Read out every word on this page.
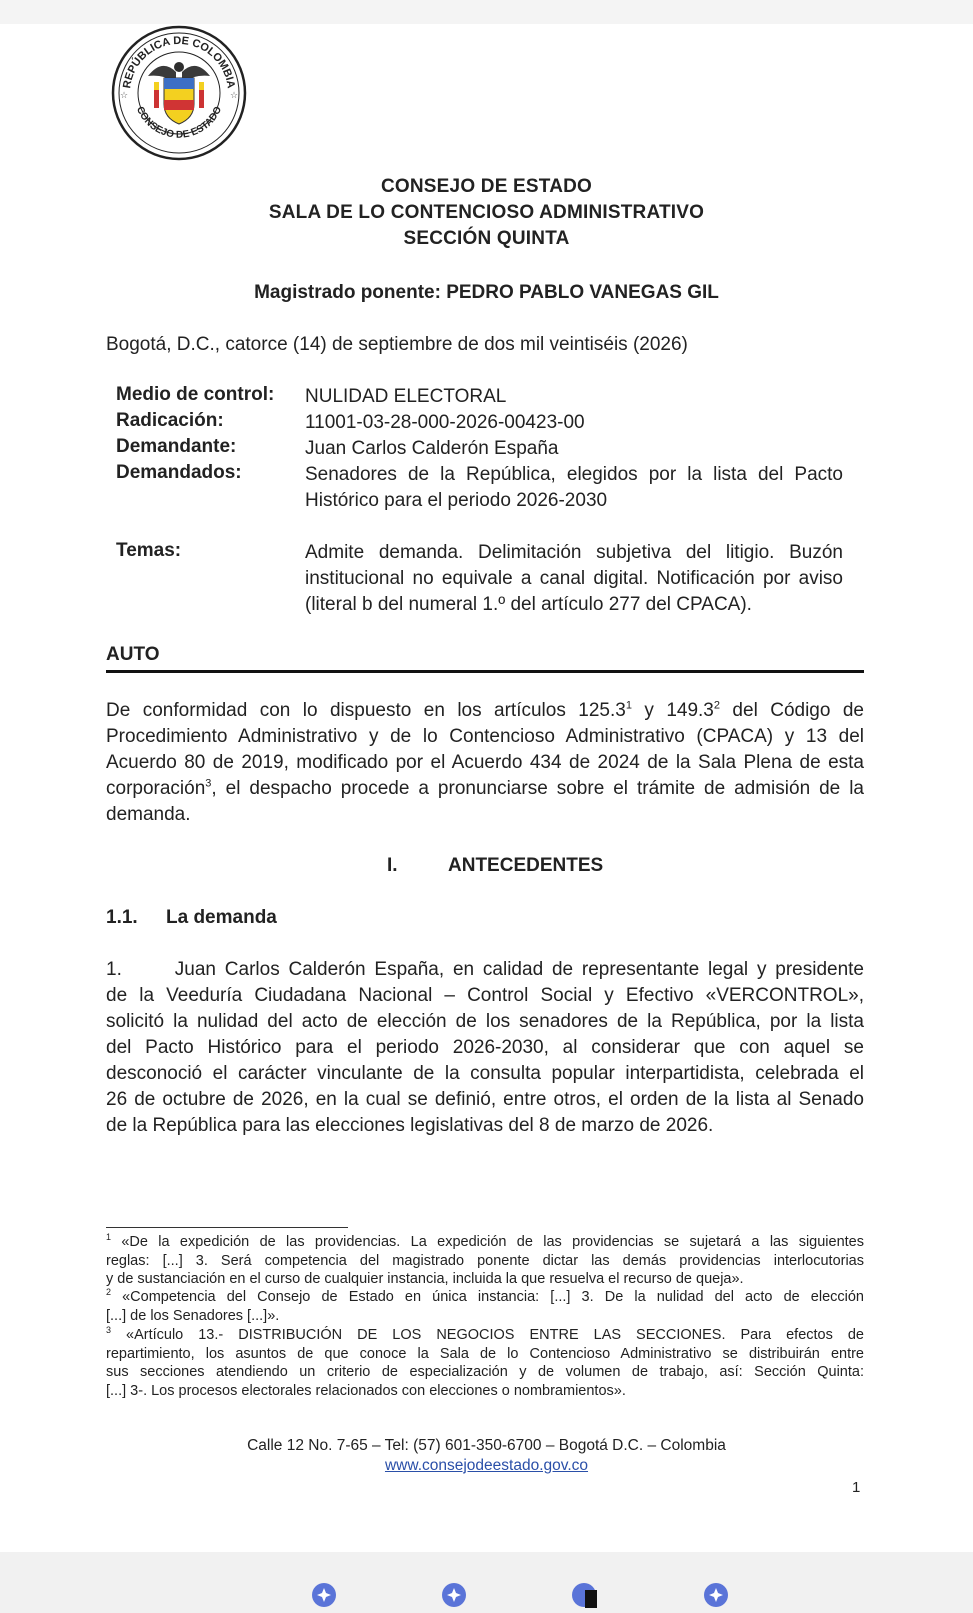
REPÚBLICA DE COLOMBIA
CONSEJO DE ESTADO
☆	☆
CONSEJO DE ESTADO
SALA DE LO CONTENCIOSO ADMINISTRATIVO
SECCIÓN QUINTA
Magistrado ponente: PEDRO PABLO VANEGAS GIL
Bogotá, D.C., catorce (14) de septiembre de dos mil veintiséis (2026)
Medio de control: NULIDAD ELECTORAL
Radicación:	11001-03-28-000-2026-00423-00
Demandante:	Juan Carlos Calderón España
Demandados:	Senadores de la República, elegidos por la lista del Pacto Histórico para el periodo 2026-2030
Temas:	Admite demanda. Delimitación subjetiva del litigio. Buzón institucional no equivale a canal digital. Notificación por aviso (literal b del numeral 1.º del artículo 277 del CPACA).
AUTO
De conformidad con lo dispuesto en los artículos 125.3$^1$ y 149.3$^2$ del Código de
Procedimiento Administrativo y de lo Contencioso Administrativo (CPACA) y 13 del
Acuerdo 80 de 2019, modificado por el Acuerdo 434 de 2024 de la Sala Plena de esta
corporación$^3$, el despacho procede a pronunciarse sobre el trámite de admisión de la
demanda.
I.	ANTECEDENTES
1.1. La demanda
1.      Juan Carlos Calderón España, en calidad de representante legal y presidente
de la Veeduría Ciudadana Nacional – Control Social y Efectivo «VERCONTROL»,
solicitó la nulidad del acto de elección de los senadores de la República, por la lista
del Pacto Histórico para el periodo 2026-2030, al considerar que con aquel se
desconoció el carácter vinculante de la consulta popular interpartidista, celebrada el
26 de octubre de 2026, en la cual se definió, entre otros, el orden de la lista al Senado
de la República para las elecciones legislativas del 8 de marzo de 2026.
$^1$ «De la expedición de las providencias. La expedición de las providencias se sujetará a las siguientes
reglas: [...] 3. Será competencia del magistrado ponente dictar las demás providencias interlocutorias
y de sustanciación en el curso de cualquier instancia, incluida la que resuelva el recurso de queja».
$^2$ «Competencia del Consejo de Estado en única instancia: [...] 3. De la nulidad del acto de elección
[...] de los Senadores [...]».
$^3$ «Artículo 13.- DISTRIBUCIÓN DE LOS NEGOCIOS ENTRE LAS SECCIONES. Para efectos de
repartimiento, los asuntos de que conoce la Sala de lo Contencioso Administrativo se distribuirán entre
sus secciones atendiendo un criterio de especialización y de volumen de trabajo, así: Sección Quinta:
[...] 3-. Los procesos electorales relacionados con elecciones o nombramientos».
Calle 12 No. 7-65 – Tel: (57) 601-350-6700 – Bogotá D.C. – Colombia
www.consejodeestado.gov.co
1
